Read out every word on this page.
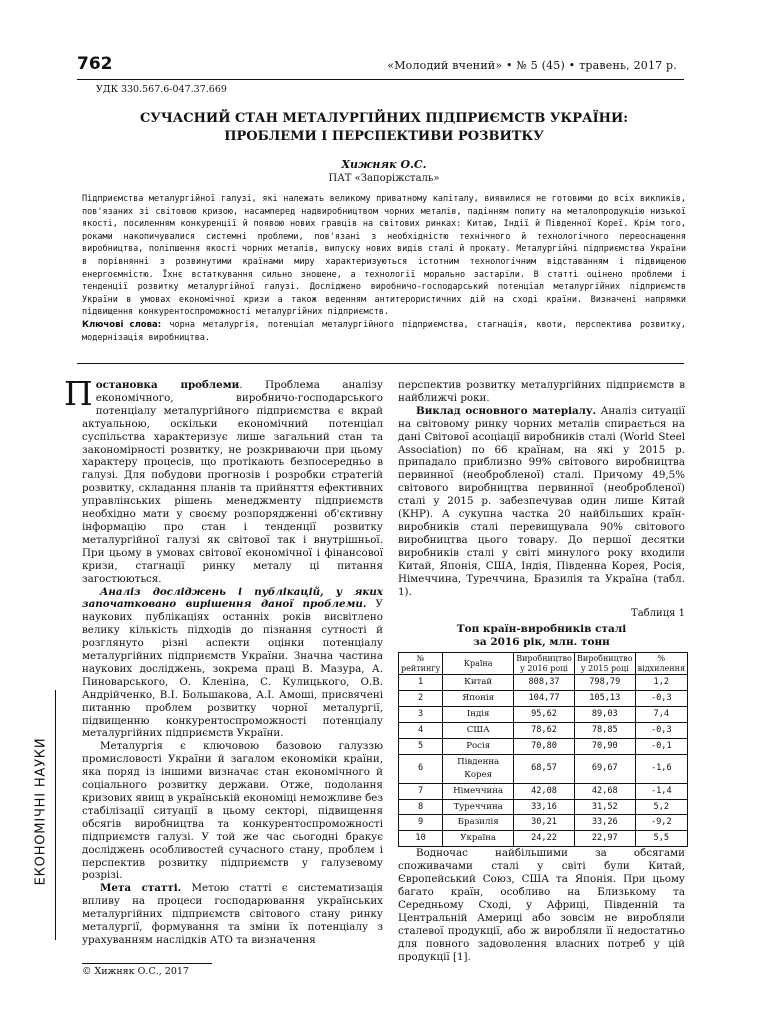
762	«Молодий вчений» • № 5 (45) • травень, 2017 р.
УДК 330.567.6-047.37.669
СУЧАСНИЙ СТАН МЕТАЛУРГІЙНИХ ПІДПРИЄМСТВ УКРАЇНИ:
ПРОБЛЕМИ І ПЕРСПЕКТИВИ РОЗВИТКУ
Хижняк О.С.
ПАТ «Запоріжсталь»

Підприємства металургійної галузі, які належать великому приватному капіталу, виявилися не готовими до всіх викликів, пов'язаних зі світовою кризою, насамперед надвиробництвом чорних металів, падінням попиту на металопродукцію низької якості, посиленням конкуренції й появою нових гравців на світових ринках: Китаю, Індії й Південної Кореї. Крім того, роками накопичувалися системні проблеми, пов'язані з необхідністю технічного й технологічного переоснащення виробництва, поліпшення якості чорних металів, випуску нових видів сталі й прокату. Металургійні підприємства України в порівнянні з розвинутими країнами миру характеризуються істотним технологічним відставанням і підвищеною енергоємністю. Їхнє встаткування сильно зношене, а технології морально застаріли. В статті оцінено проблеми і тенденції розвитку металургійної галузі. Досліджено виробничо-господарський потенціал металургійних підприємств України в умовах економічної кризи а також веденням антитерористичних дій на сході країни. Визначені напрямки підвищення конкурентоспроможності металургійних підприємств.

Ключові слова: чорна металургія, потенціал металургійного підприємства, стагнація, квоти, перспектива розвитку, модернізація виробництва.

Постановка проблеми. Проблема аналізу економічного, виробничо-господарського потенціалу металургійного підприємства є вкрай актуальною, оскільки економічний потенціал суспільства характеризує лише загальний стан та закономірності розвитку, не розкриваючи при цьому характеру процесів, що протікають безпосередньо в галузі. Для побудови прогнозів і розробки стратегій розвитку, складання планів та прийняття ефективних управлінських рішень менеджменту підприємств необхідно мати у своєму розпорядженні об'єктивну інформацію про стан і тенденції розвитку металургійної галузі як світової так і внутрішньої. При цьому в умовах світової економічної і фінансової кризи, стагнації ринку металу ці питання загостюються.

Аналіз досліджень і публікацій, у яких започатковано вирішення даної проблеми. У наукових публікаціях останніх років висвітлено велику кількість підходів до пізнання сутності й розглянуто різні аспекти оцінки потенціалу металургійних підприємств України. Значна частина наукових досліджень, зокрема праці В. Мазура, А. Пиноварського, О. Кленіна, С. Кулицького, О.В. Андрійченко, В.І. Большакова, А.І. Амоші, присвячені питанню проблем розвитку чорної металургії, підвищенню конкурентоспроможності потенціалу металургійних підприємств України.

Металургія є ключовою базовою галуззю промисловості України й загалом економіки країни, яка поряд із іншими визначає стан економічного й соціального розвитку держави. Отже, подолання кризових явищ в українській економіці неможливе без стабілізації ситуації в цьому секторі, підвищення обсягів виробництва та конкурентоспроможності підприємств галузі. У той же час сьогодні бракує досліджень особливостей сучасного стану, проблем і перспектив розвитку підприємств у галузевому розрізі.

Мета статті. Метою статті є систематизація впливу на процеси господарювання українських металургійних підприємств світового стану ринку металургії, формування та зміни їх потенціалу з урахуванням наслідків АТО та визначення

перспектив розвитку металургійних підприємств в найближчі роки.

Виклад основного матеріалу. Аналіз ситуації на світовому ринку чорних металів спирається на дані Світової асоціації виробників сталі (World Steel Association) по 66 країнам, на які у 2015 р. припадало приблизно 99% світового виробництва первинної (необробленої) сталі. Причому 49,5% світового виробництва первинної (необробленої) сталі у 2015 р. забезпечував один лише Китай (КНР). А сукупна частка 20 найбільших країн-виробників сталі перевищувала 90% світового виробництва цього товару. До першої десятки виробників сталі у світі минулого року входили Китай, Японія, США, Індія, Південна Корея, Росія, Німеччина, Туреччина, Бразилія та Україна (табл. 1).

Таблиця 1
Топ країн-виробників сталі
за 2016 рік, млн. тонн
№ рейтингу	Країна	Виробництво у 2016 році	Виробництво у 2015 році	% відхилення
1	Китай	808,37	798,79	1,2
2	Японія	104,77	105,13	-0,3
3	Індія	95,62	89,03	7,4
4	США	78,62	78,85	-0,3
5	Росія	70,80	70,90	-0,1
6	Південна Корея	68,57	69,67	-1,6
7	Німеччина	42,08	42,68	-1,4
8	Туреччина	33,16	31,52	5,2
9	Бразилія	30,21	33,26	-9,2
10	Україна	24,22	22,97	5,5

Водночас найбільшими за обсягами споживачами сталі у світі були Китай, Європейський Союз, США та Японія. При цьому багато країн, особливо на Близькому та Середньому Сході, у Африці, Південній та Центральній Америці або зовсім не виробляли сталевої продукції, або ж виробляли її недостатньо для повного задоволення власних потреб у цій продукції [1].

ЕКОНОМІЧНІ НАУКИ
© Хижняк О.С., 2017
